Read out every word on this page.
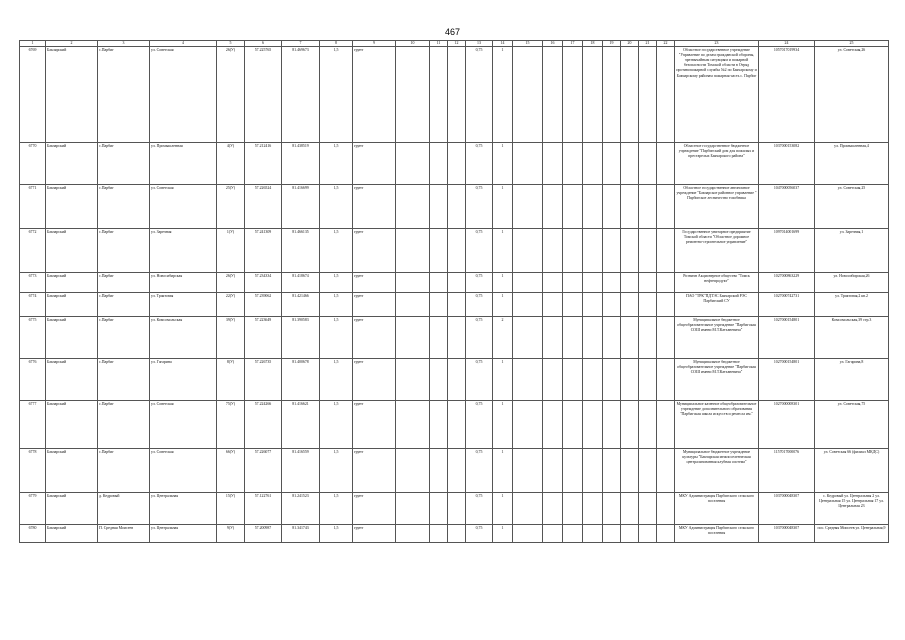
467
1	2	3	4	5	6	7	8	9	10	11	12	13	14	15	16	17	18	19	20	21	22	23	24	25
6769	Баклярский	с.Парбиг	ул. Советская	26(У)	57.225765	81.469673	1,5	грунт				0,75	1									Областное государственное учреждение "Управление по делам гражданской обороны, чрезвычайным ситуациям и пожарной безопасности Томской области в Отряд противопожарной службы №2 по Бакчарскому и Бакчарскому районам пожарная часть с. Парбиг	1057017019934	ул. Советская,26
6770	Бакчарский	с.Парбиг	ул. Промышленная	4(У)	57.212416	81.438519	1,5	грунт				0,75	1									Областное государственное бюджетное учреждение "Парбигский дом для пожилых и престарелых Бакчарского района"	1037000153082	ул. Промышленная,4
6771	Бакчарский	с.Парбиг	ул. Советская	25(У)	57.226524	81.416699	1,5	грунт				0,75	1									Областное государственное автономное учреждение "Бакчарское районное управление " Парбигское лесничество тохобника	1047000056037	ул. Советская,25
6772	Бакчарский	с.Парбиг	ул. Заречная	1(У)	57.241309	81.466135	1,5	грунт				0,75	1									Государственное унитарное предприятие Томской области "Областное дорожное ремонтно-строительное управление"	1097014001699	ул. Заречная,1
6773	Бакчарский	с.Парбиг	ул. Новосибирская	26(У)	57.234334	81.418674	1,5	грунт				0,75	1									Розничн Акционерное общество "Томск нефтепродукт"	1027000863229	ул. Новосибирская,26
6774	Бакчарский	с.Парбиг	ул. Трактовая	22(У)	57.239062	81.421466	1,5	грунт				0,75	1									ПАО "ТРК"ПДТЭС Бакчарский РЭС Парбигский СУ	1027000742731	ул. Трактовая,2 кв.2
6775	Бакчарский	с.Парбиг	ул. Комсомольская	39(У)	57.223649	81.390583	1,5	грунт				0,75	2									Муниципальное бюджетное общеобразовательное учреждение "Парбигская СОШ имени М.Т.Катханевича"	1027000154801	Комсомольская,39 стр.3
6776	Бакчарский	с.Парбиг	ул. Гагарина	8(У)	57.226735	81.400678	1,5	грунт				0,75	1									Муниципальное бюджетное общеобразовательное учреждение "Парбигская СОШ имени М.Т.Катханевича"	1027000154801	ул. Гагарина,8
6777	Бакчарский	с.Парбиг	ул. Советская	75(У)	57.224266	81.416621	1,5	грунт				0,75	1									Муниципальное казенное общеобразовательное учреждение дополнительного образования "Парбигская школа искусств и ремесла им."	1027000008301	ул. Советская,75
6778	Бакчарский	с.Парбиг	ул. Советская	66(У)	57.226077	81.416559	1,5	грунт				0,75	1									Муниципальное бюджетное учреждение культуры "Бакчарская межпоселенческая централизованная клубная система"	1157017000076	ул. Советская 66 (филиал МКДС)
6779	Бакчарский	д. Кедровый	ул. Центральная	15(У)	57.122761	81.241523	1,5	грунт				0,75	1									МКУ Администрация Парбигского сельского поселения	1037000048307	с. Кедровый ул. Центральная 2 ул. Центральная 15 ул. Центральная 17 ул. Центральная 23
6780	Бакчарский	П. Средняя Моисеев	ул. Центральная	9(У)	57.200987	81.341743	1,5	грунт				0,75	1									МКУ Администрация Парбигского сельского поселения	1037000048307	пос. Средняя Моисеев ул. Центральная,9
